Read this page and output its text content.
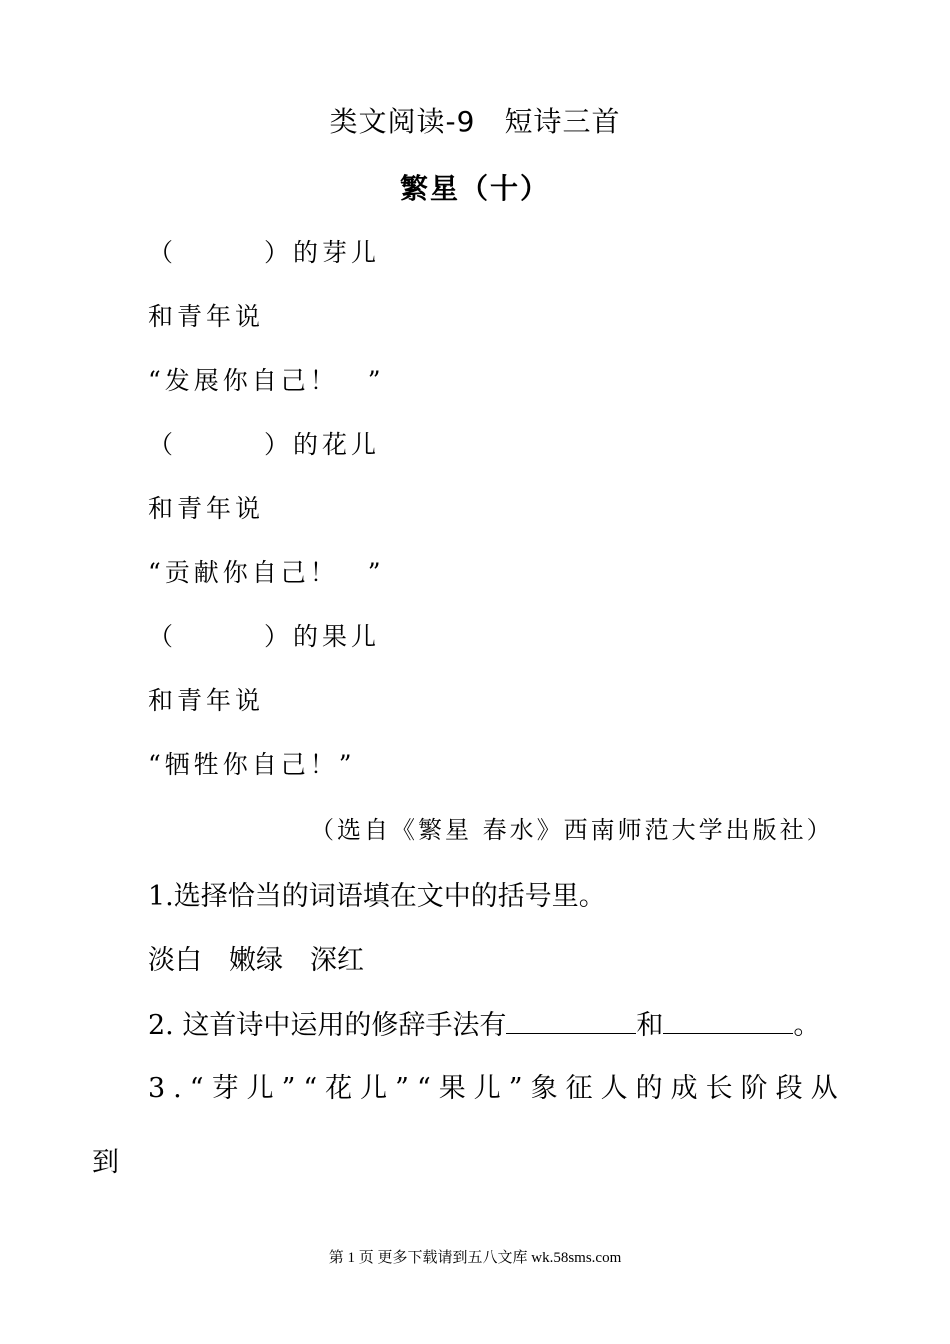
类文阅读-9　短诗三首
繁星（十）
（　　　）的芽儿
和青年说
“发展你自己！　”
（　　　）的花儿
和青年说
“贡献你自己！　”
（　　　）的果儿
和青年说
“牺牲你自己！”
（选自《繁星 春水》西南师范大学出版社）
1.选择恰当的词语填在文中的括号里。
淡白　嫩绿　深红
2. 这首诗中运用的修辞手法有	和	。
3.“芽儿”“花儿”“果儿”象征人的成长阶段从
到
第 1 页 更多下载请到五八文库 wk.58sms.com
